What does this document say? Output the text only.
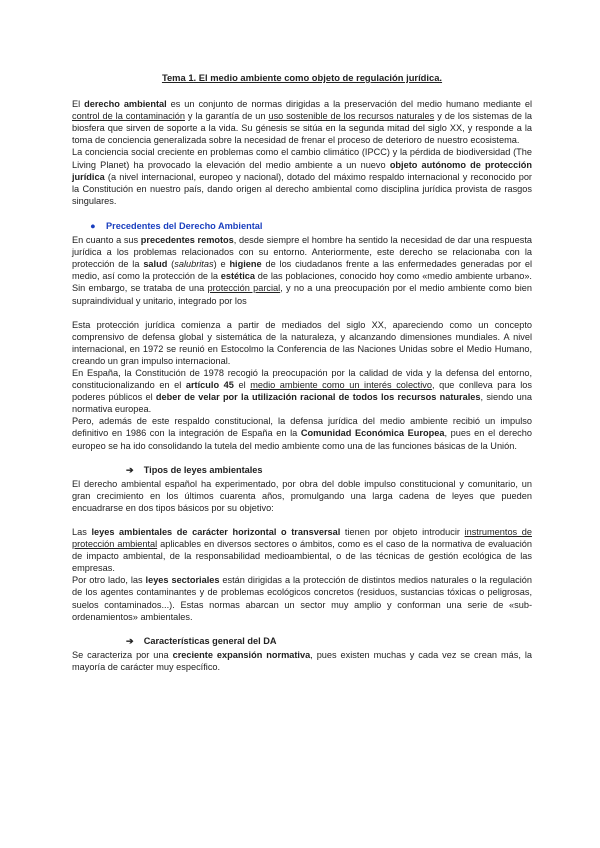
Tema 1. El medio ambiente como objeto de regulación jurídica.

El derecho ambiental es un conjunto de normas dirigidas a la preservación del medio humano mediante el control de la contaminación y la garantía de un uso sostenible de los recursos naturales y de los sistemas de la biosfera que sirven de soporte a la vida. Su génesis se sitúa en la segunda mitad del siglo XX, y responde a la toma de conciencia generalizada sobre la necesidad de frenar el proceso de deterioro de nuestro ecosistema.

La conciencia social creciente en problemas como el cambio climático (IPCC) y la pérdida de biodiversidad (The Living Planet) ha provocado la elevación del medio ambiente a un nuevo objeto autónomo de protección jurídica (a nivel internacional, europeo y nacional), dotado del máximo respaldo internacional y reconocido por la Constitución en nuestro país, dando origen al derecho ambiental como disciplina jurídica provista de rasgos singulares.

● Precedentes del Derecho Ambiental

En cuanto a sus precedentes remotos, desde siempre el hombre ha sentido la necesidad de dar una respuesta jurídica a los problemas relacionados con su entorno. Anteriormente, este derecho se relacionaba con la protección de la salud (salubritas) e higiene de los ciudadanos frente a las enfermedades generadas por el medio, así como la protección de la estética de las poblaciones, conocido hoy como «medio ambiente urbano». Sin embargo, se trataba de una protección parcial, y no a una preocupación por el medio ambiente como bien supraindividual y unitario, integrado por los

Esta protección jurídica comienza a partir de mediados del siglo XX, apareciendo como un concepto comprensivo de defensa global y sistemática de la naturaleza, y alcanzando dimensiones mundiales. A nivel internacional, en 1972 se reunió en Estocolmo la Conferencia de las Naciones Unidas sobre el Medio Humano, creando un gran impulso internacional.

En España, la Constitución de 1978 recogió la preocupación por la calidad de vida y la defensa del entorno, constitucionalizando en el artículo 45 el medio ambiente como un interés colectivo, que conlleva para los poderes públicos el deber de velar por la utilización racional de todos los recursos naturales, siendo una normativa europea.

Pero, además de este respaldo constitucional, la defensa jurídica del medio ambiente recibió un impulso definitivo en 1986 con la integración de España en la Comunidad Económica Europea, pues en el derecho europeo se ha ido consolidando la tutela del medio ambiente como una de las funciones básicas de la Unión.

➔ Tipos de leyes ambientales

El derecho ambiental español ha experimentado, por obra del doble impulso constitucional y comunitario, un gran crecimiento en los últimos cuarenta años, promulgando una larga cadena de leyes que pueden encuadrarse en dos tipos básicos por su objetivo:

Las leyes ambientales de carácter horizontal o transversal tienen por objeto introducir instrumentos de protección ambiental aplicables en diversos sectores o ámbitos, como es el caso de la normativa de evaluación de impacto ambiental, de la responsabilidad medioambiental, o de las técnicas de gestión ecológica de las empresas.

Por otro lado, las leyes sectoriales están dirigidas a la protección de distintos medios naturales o la regulación de los agentes contaminantes y de problemas ecológicos concretos (residuos, sustancias tóxicas o peligrosas, suelos contaminados...). Estas normas abarcan un sector muy amplio y conforman una serie de «sub- ordenamientos» ambientales.

➔ Características general del DA

Se caracteriza por una creciente expansión normativa, pues existen muchas y cada vez se crean más, la mayoría de carácter muy específico.
